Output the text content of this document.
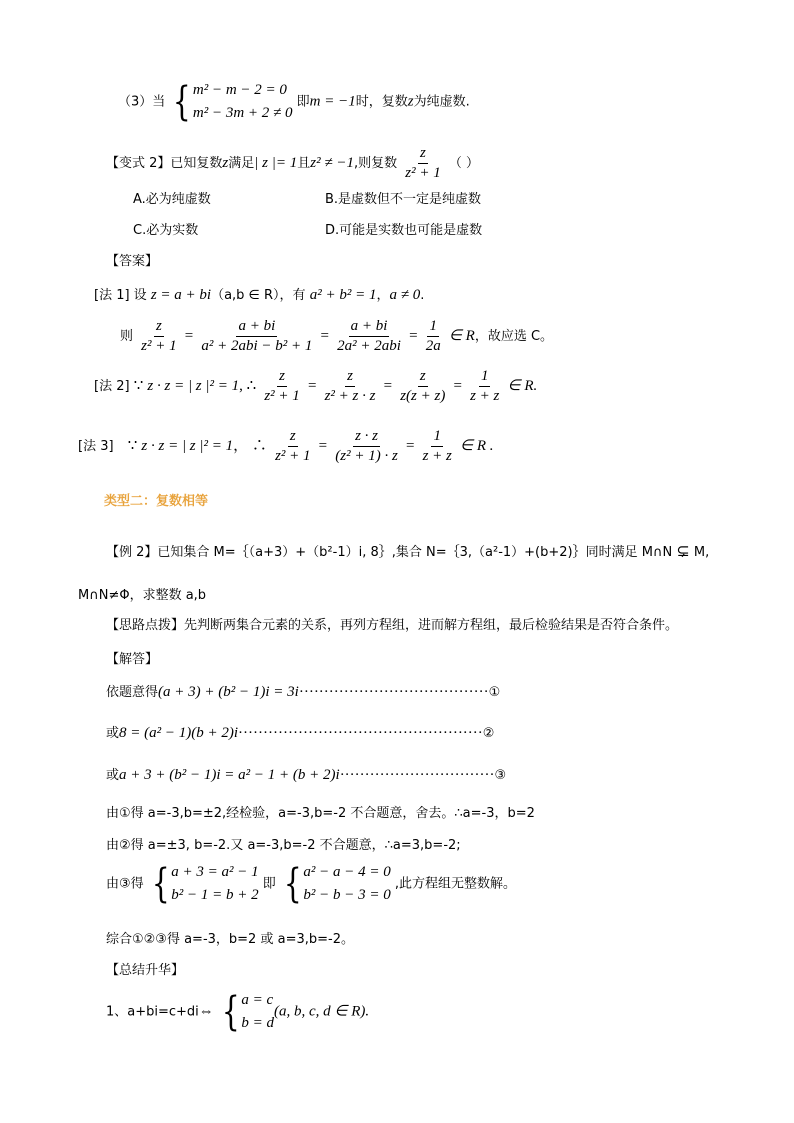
（3）当 { m² − m − 2 = 0
m² − 3m + 2 ≠ 0
即m = −1时，复数z为纯虚数.
【变式 2】已知复数z满足| z |= 1且z² ≠ −1,则复数 $\frac{z}{\text{z² + 1}}$ （ ）
A.必为纯虚数	B.是虚数但不一定是纯虚数
C.必为实数	D.可能是实数也可能是虚数
【答案】
[法 1] 设 z = a + bi（a,b ∈ R），有 a² + b² = 1，a ≠ 0.
则 $\frac{z}{\text{z² + 1}} = \frac{a + bi}{\text{a² + 2abi − b² + 1}} = \frac{a + bi}{\text{2a² + 2abi}} = \frac{1}{2a}$ ∈ R，故应选 C。
[法 2] ∵ z · z = | z |² = 1, ∴ $\frac{z}{\text{z² + 1}} = \frac{z}{\text{z² + z · z}} = \frac{z}{z(z + z)} = \frac{1}{z + z}$ ∈ R.
[法 3] ∵ z · z = | z |² = 1， ∴ $\frac{z}{\text{z² + 1}} = \frac{z \cdot z}{\text{(z² + 1) · z}} = \frac{1}{z + z}$ ∈ R .
类型二：复数相等
【例 2】已知集合 M=｛（a+3）+（b²-1）i, 8｝,集合 N=｛3,（a²-1）+(b+2)｝同时满足 M∩N ⊊ M,
M∩N≠Φ，求整数 a,b
【思路点拨】先判断两集合元素的关系，再列方程组，进而解方程组，最后检验结果是否符合条件。
【解答】
依题意得(a + 3) + (b² − 1)i = 3i······································①
或8 = (a² − 1)(b + 2)i·················································②
或a + 3 + (b² − 1)i = a² − 1 + (b + 2)i·······························③
由①得 a=-3,b=±2,经检验，a=-3,b=-2 不合题意，舍去。∴a=-3，b=2
由②得 a=±3, b=-2.又 a=-3,b=-2 不合题意，∴a=3,b=-2;
由③得 { a + 3 = a² − 1
b² − 1 = b + 2
即 { a² − a − 4 = 0
b² − b − 3 = 0
,此方程组无整数解。
综合①②③得 a=-3，b=2 或 a=3,b=-2。
【总结升华】
1、a+bi=c+di⇔ { a = c
b = d
(a, b, c, d ∈ R).
